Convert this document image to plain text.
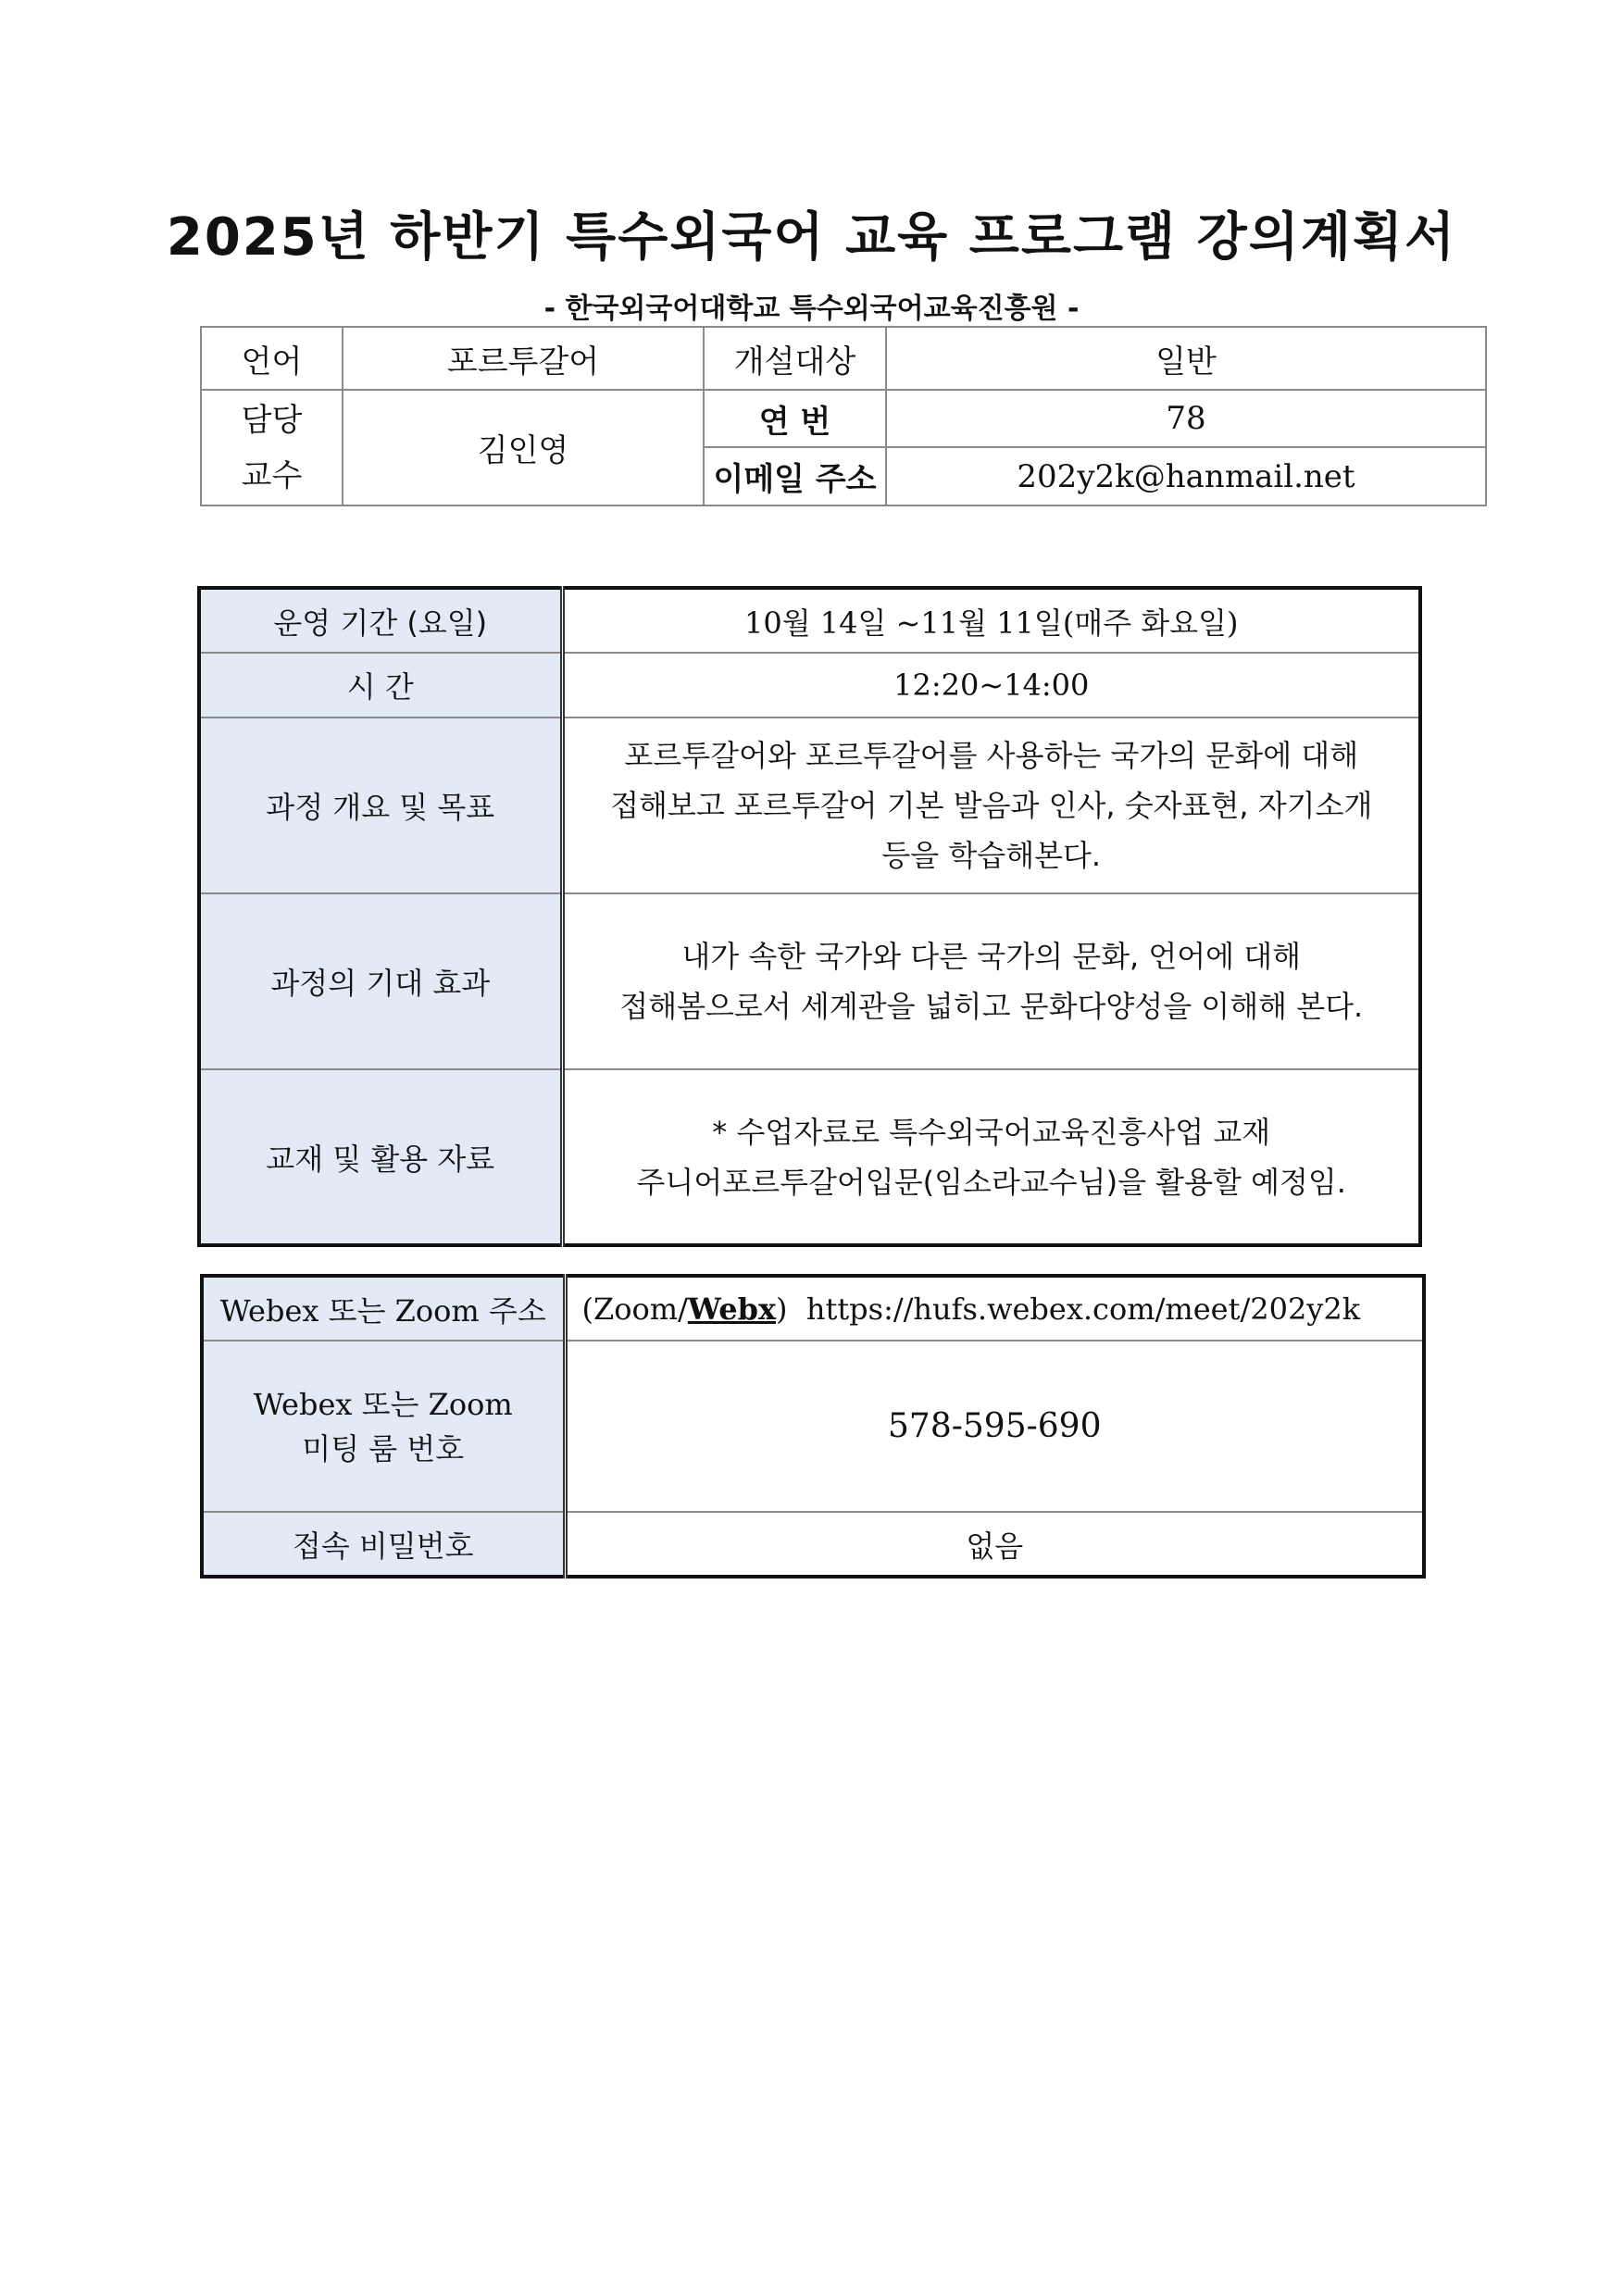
2025년 하반기 특수외국어 교육 프로그램 강의계획서
- 한국외국어대학교 특수외국어교육진흥원 -
언어	포르투갈어	개설대상	일반

담당
교수	김인영	연 번	78
		이메일 주소	202y2k@hanmail.net
운영 기간 (요일)	10월 14일 ~11월 11일(매주 화요일)
시 간	12:20~14:00
과정 개요 및 목표	포르투갈어와 포르투갈어를 사용하는 국가의 문화에 대해
접해보고 포르투갈어 기본 발음과 인사, 숫자표현, 자기소개
등을 학습해본다.

과정의 기대 효과	내가 속한 국가와 다른 국가의 문화, 언어에 대해
접해봄으로서 세계관을 넓히고 문화다양성을 이해해 본다.

교재 및 활용 자료	* 수업자료로 특수외국어교육진흥사업 교재
주니어포르투갈어입문(임소라교수님)을 활용할 예정임.
Webex 또는 Zoom 주소	(Zoom/Webx) https://hufs.webex.com/meet/202y2k

Webex 또는 Zoom
미팅 룸 번호	578-595-690
접속 비밀번호	없음
